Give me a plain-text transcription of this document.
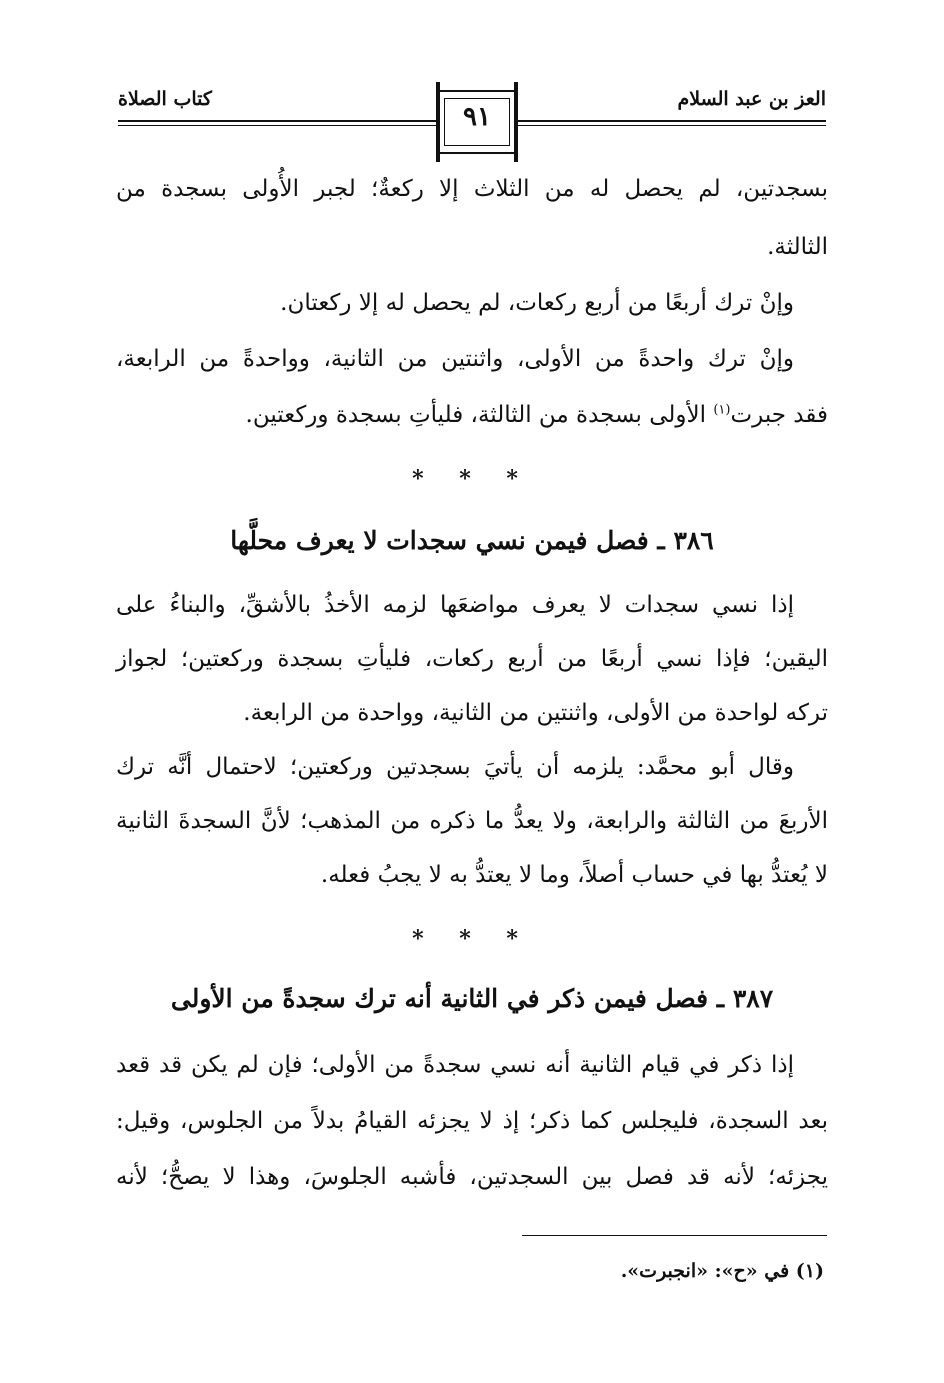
العز بن عبد السلام
كتاب الصلاة
٩١
بسجدتين، لم يحصل له من الثلاث إلا ركعةٌ؛ لجبر الأُولى بسجدة من
الثالثة.
وإنْ ترك أربعًا من أربع ركعات، لم يحصل له إلا ركعتان.
وإنْ ترك واحدةً من الأولى، واثنتين من الثانية، وواحدةً من الرابعة،
فقد جبرت$^{(١)}$ الأولى بسجدة من الثالثة، فليأتِ بسجدة وركعتين.
* * *
٣٨٦ ـ فصل فيمن نسي سجدات لا يعرف محلَّها
إذا نسي سجدات لا يعرف مواضعَها لزمه الأخذُ بالأشقِّ، والبناءُ على
اليقين؛ فإذا نسي أربعًا من أربع ركعات، فليأتِ بسجدة وركعتين؛ لجواز
تركه لواحدة من الأولى، واثنتين من الثانية، وواحدة من الرابعة.
وقال أبو محمَّد: يلزمه أن يأتيَ بسجدتين وركعتين؛ لاحتمال أنَّه ترك
الأربعَ من الثالثة والرابعة، ولا يعدُّ ما ذكره من المذهب؛ لأنَّ السجدةَ الثانية
لا يُعتدُّ بها في حساب أصلاً، وما لا يعتدُّ به لا يجبُ فعله.
* * *
٣٨٧ ـ فصل فيمن ذكر في الثانية أنه ترك سجدةً من الأولى
إذا ذكر في قيام الثانية أنه نسي سجدةً من الأولى؛ فإن لم يكن قد قعد
بعد السجدة، فليجلس كما ذكر؛ إذ لا يجزئه القيامُ بدلاً من الجلوس، وقيل:
يجزئه؛ لأنه قد فصل بين السجدتين، فأشبه الجلوسَ، وهذا لا يصحُّ؛ لأنه
(١) في «ح»: «انجبرت».
